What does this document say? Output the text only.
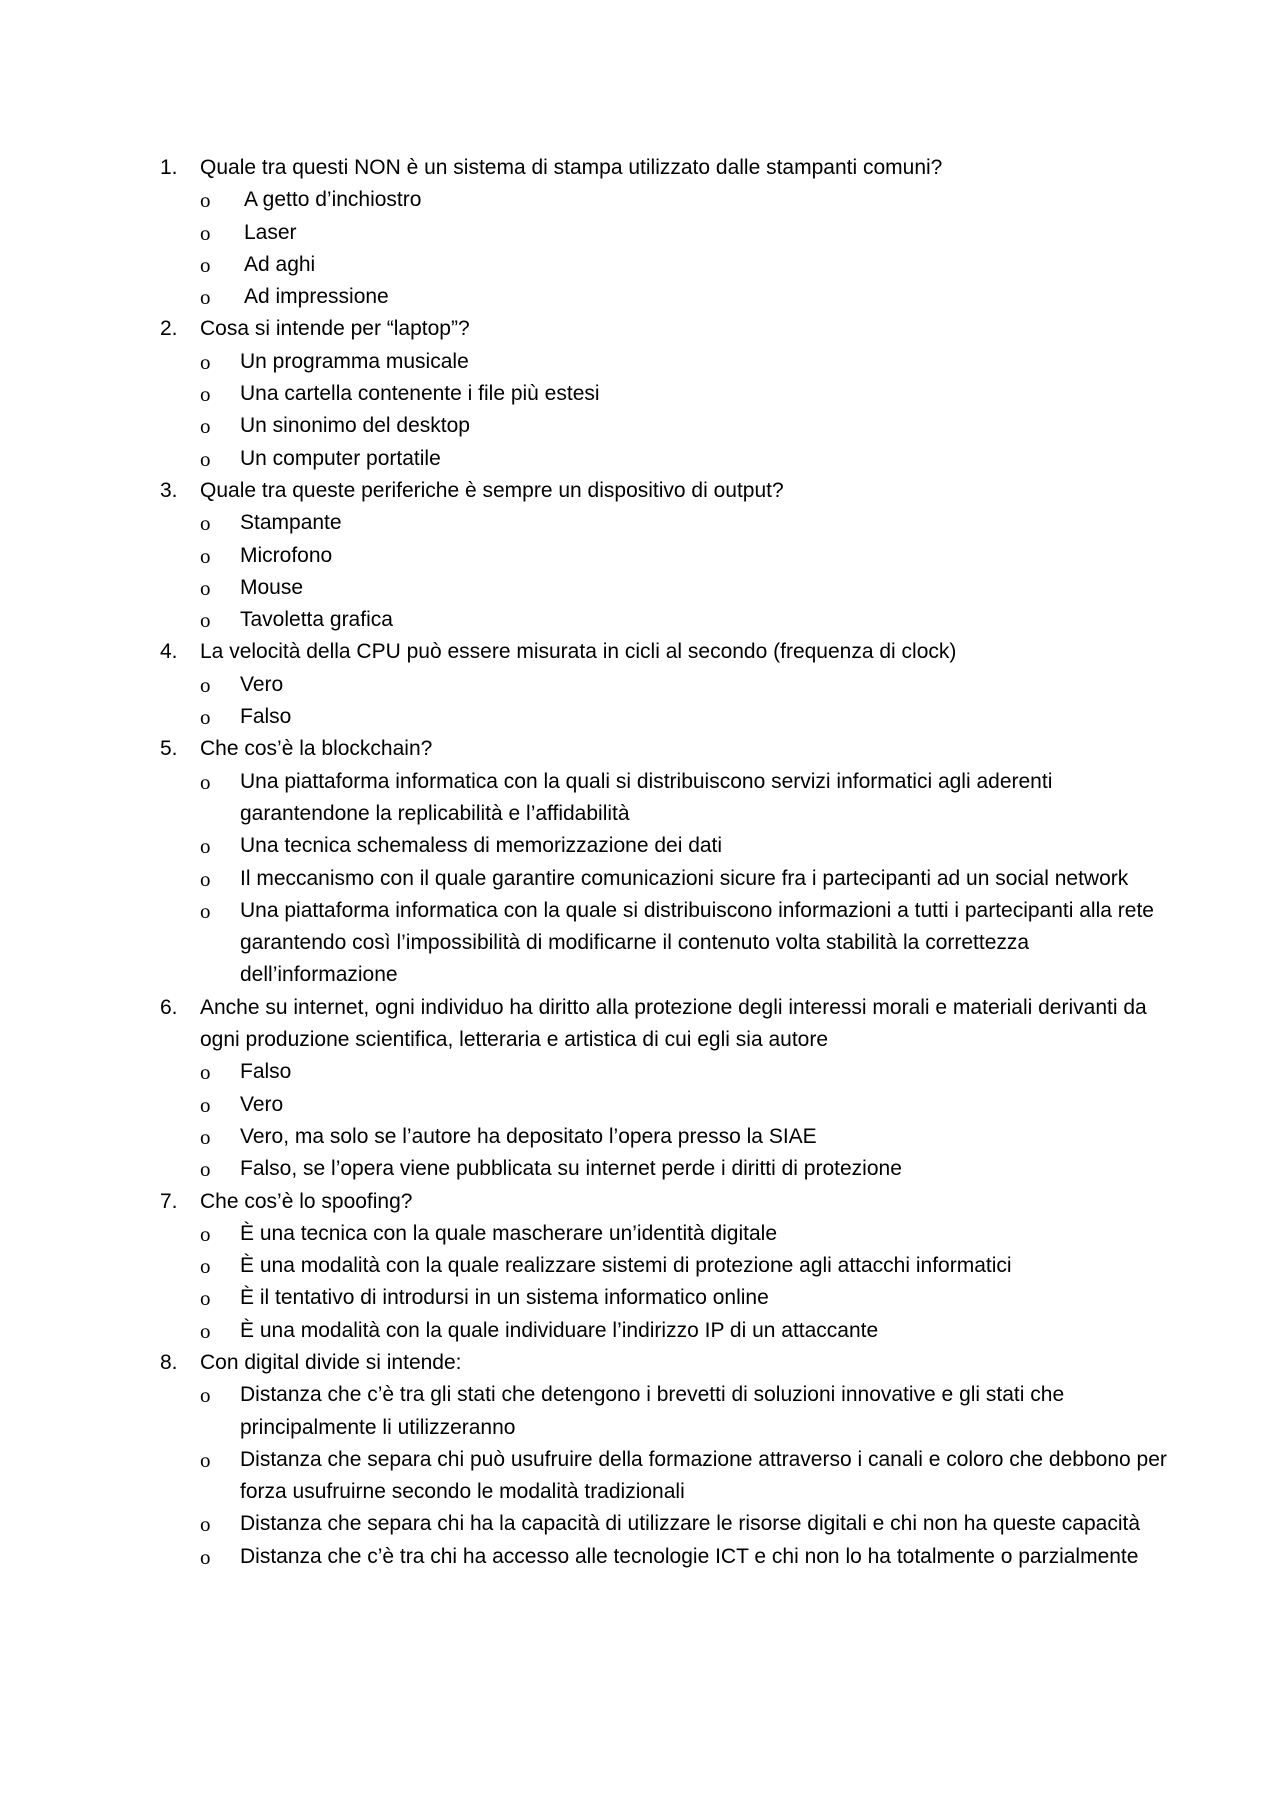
1.	Quale tra questi NON è un sistema di stampa utilizzato dalle stampanti comuni?
o	A getto d’inchiostro
o	Laser
o	Ad aghi
o	Ad impressione
2.	Cosa si intende per “laptop”?
o	Un programma musicale
o	Una cartella contenente i file più estesi
o	Un sinonimo del desktop
o	Un computer portatile
3.	Quale tra queste periferiche è sempre un dispositivo di output?
o	Stampante
o	Microfono
o	Mouse
o	Tavoletta grafica
4.	La velocità della CPU può essere misurata in cicli al secondo (frequenza di clock)
o	Vero
o	Falso
5.	Che cos’è la blockchain?
o	Una piattaforma informatica con la quali si distribuiscono servizi informatici agli aderenti garantendone la replicabilità e l’affidabilità
o	Una tecnica schemaless di memorizzazione dei dati
o	Il meccanismo con il quale garantire comunicazioni sicure fra i partecipanti ad un social network
o	Una piattaforma informatica con la quale si distribuiscono informazioni a tutti i partecipanti alla rete garantendo così l’impossibilità di modificarne il contenuto volta stabilità la correttezza dell’informazione
6.	Anche su internet, ogni individuo ha diritto alla protezione degli interessi morali e materiali derivanti da ogni produzione scientifica, letteraria e artistica di cui egli sia autore
o	Falso
o	Vero
o	Vero, ma solo se l’autore ha depositato l’opera presso la SIAE
o	Falso, se l’opera viene pubblicata su internet perde i diritti di protezione
7.	Che cos’è lo spoofing?
o	È una tecnica con la quale mascherare un’identità digitale
o	È una modalità con la quale realizzare sistemi di protezione agli attacchi informatici
o	È il tentativo di introdursi in un sistema informatico online
o	È una modalità con la quale individuare l’indirizzo IP di un attaccante
8.	Con digital divide si intende:
o	Distanza che c’è tra gli stati che detengono i brevetti di soluzioni innovative e gli stati che principalmente li utilizzeranno
o	Distanza che separa chi può usufruire della formazione attraverso i canali e coloro che debbono per forza usufruirne secondo le modalità tradizionali
o	Distanza che separa chi ha la capacità di utilizzare le risorse digitali e chi non ha queste capacità
o	Distanza che c’è tra chi ha accesso alle tecnologie ICT e chi non lo ha totalmente o parzialmente
